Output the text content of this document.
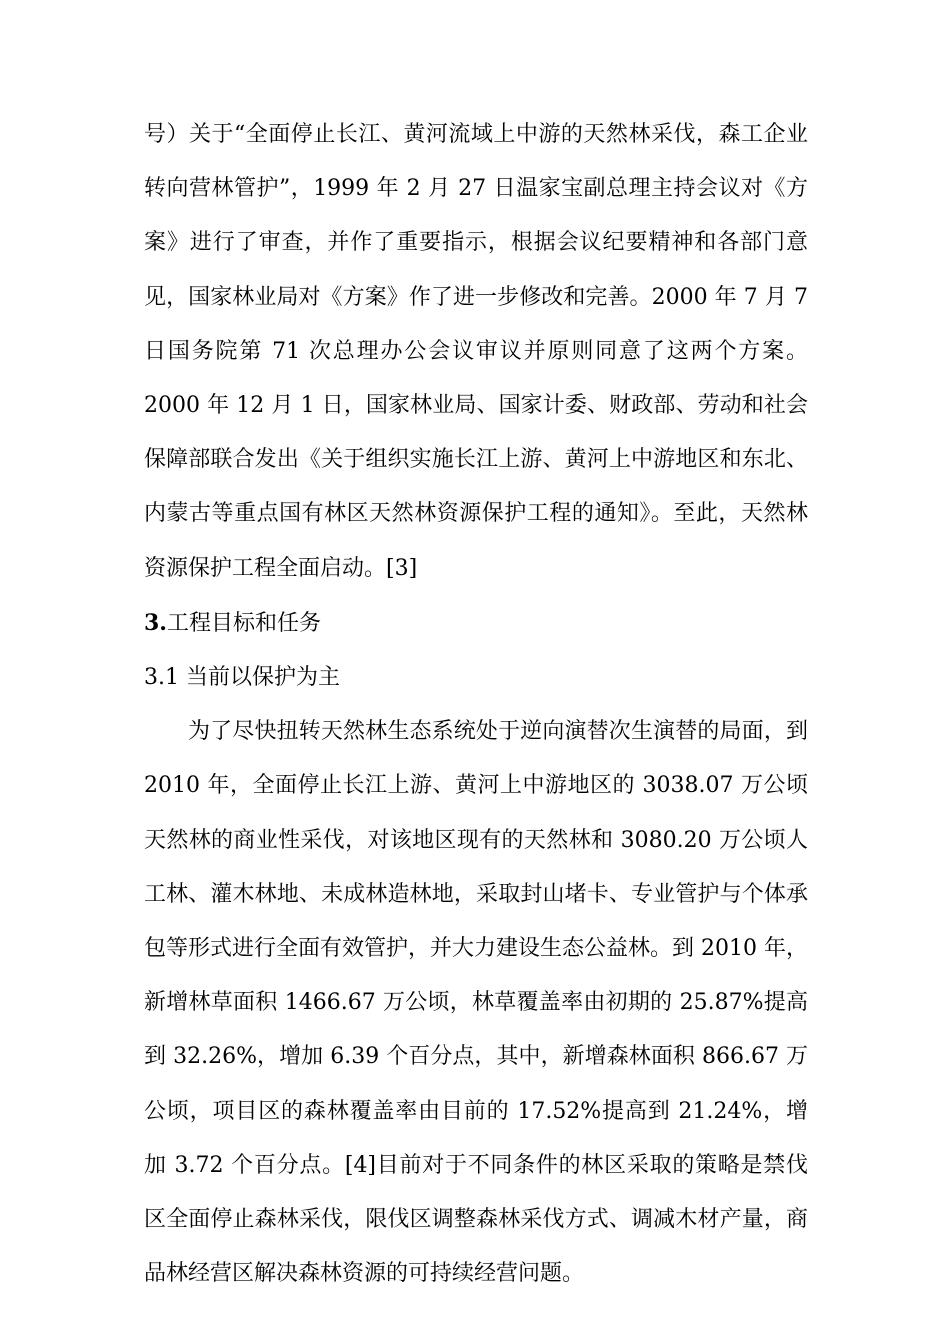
号）关于“全面停止长江、黄河流域上中游的天然林采伐，森工企业转向营林管护”，1999 年 2 月 27 日温家宝副总理主持会议对《方案》进行了审查，并作了重要指示，根据会议纪要精神和各部门意见，国家林业局对《方案》作了进一步修改和完善。2000 年 7 月 7 日国务院第 71 次总理办公会议审议并原则同意了这两个方案。2000 年 12 月 1 日，国家林业局、国家计委、财政部、劳动和社会保障部联合发出《关于组织实施长江上游、黄河上中游地区和东北、内蒙古等重点国有林区天然林资源保护工程的通知》。至此，天然林资源保护工程全面启动。[3]

3.工程目标和任务

3.1 当前以保护为主

为了尽快扭转天然林生态系统处于逆向演替次生演替的局面，到 2010 年，全面停止长江上游、黄河上中游地区的 3038.07 万公顷天然林的商业性采伐，对该地区现有的天然林和 3080.20 万公顷人工林、灌木林地、未成林造林地，采取封山堵卡、专业管护与个体承包等形式进行全面有效管护，并大力建设生态公益林。到 2010 年，新增林草面积 1466.67 万公顷，林草覆盖率由初期的 25.87%提高到 32.26%，增加 6.39 个百分点，其中，新增森林面积 866.67 万公顷，项目区的森林覆盖率由目前的 17.52%提高到 21.24%，增加 3.72 个百分点。[4]目前对于不同条件的林区采取的策略是禁伐区全面停止森林采伐，限伐区调整森林采伐方式、调减木材产量，商品林经营区解决森林资源的可持续经营问题。
